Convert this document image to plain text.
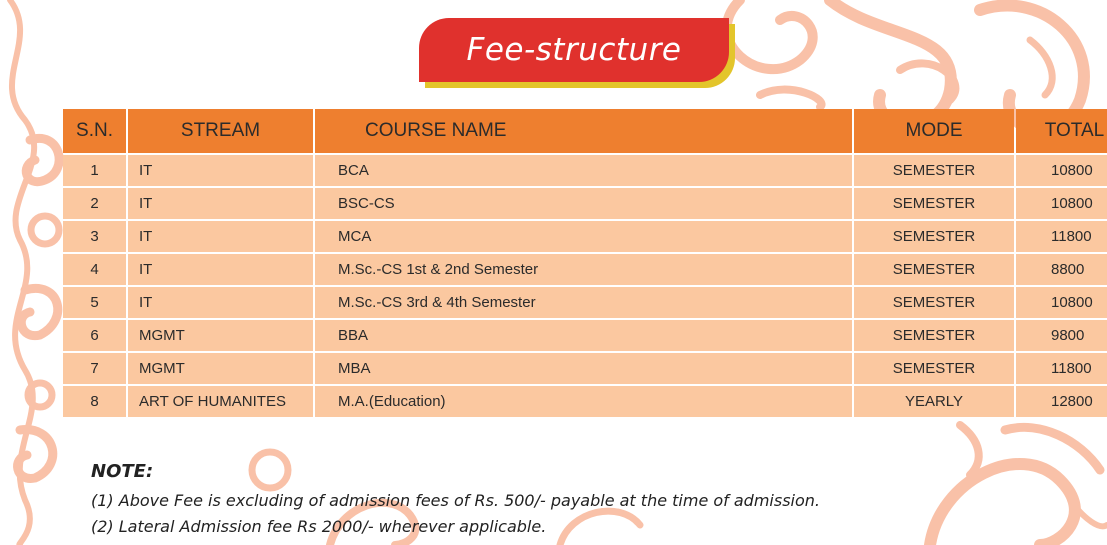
Fee-structure
S.N.	STREAM	COURSE NAME	MODE	TOTAL
1	IT	BCA	SEMESTER	10800
2	IT	BSC-CS	SEMESTER	10800
3	IT	MCA	SEMESTER	11800
4	IT	M.Sc.-CS 1st & 2nd Semester	SEMESTER	8800
5	IT	M.Sc.-CS 3rd & 4th Semester	SEMESTER	10800
6	MGMT	BBA	SEMESTER	9800
7	MGMT	MBA	SEMESTER	11800
8	ART OF HUMANITES	M.A.(Education)	YEARLY	12800
NOTE:
(1) Above Fee is excluding of admission fees of Rs. 500/- payable at the time of admission.
(2) Lateral Admission fee Rs 2000/- wherever applicable.
